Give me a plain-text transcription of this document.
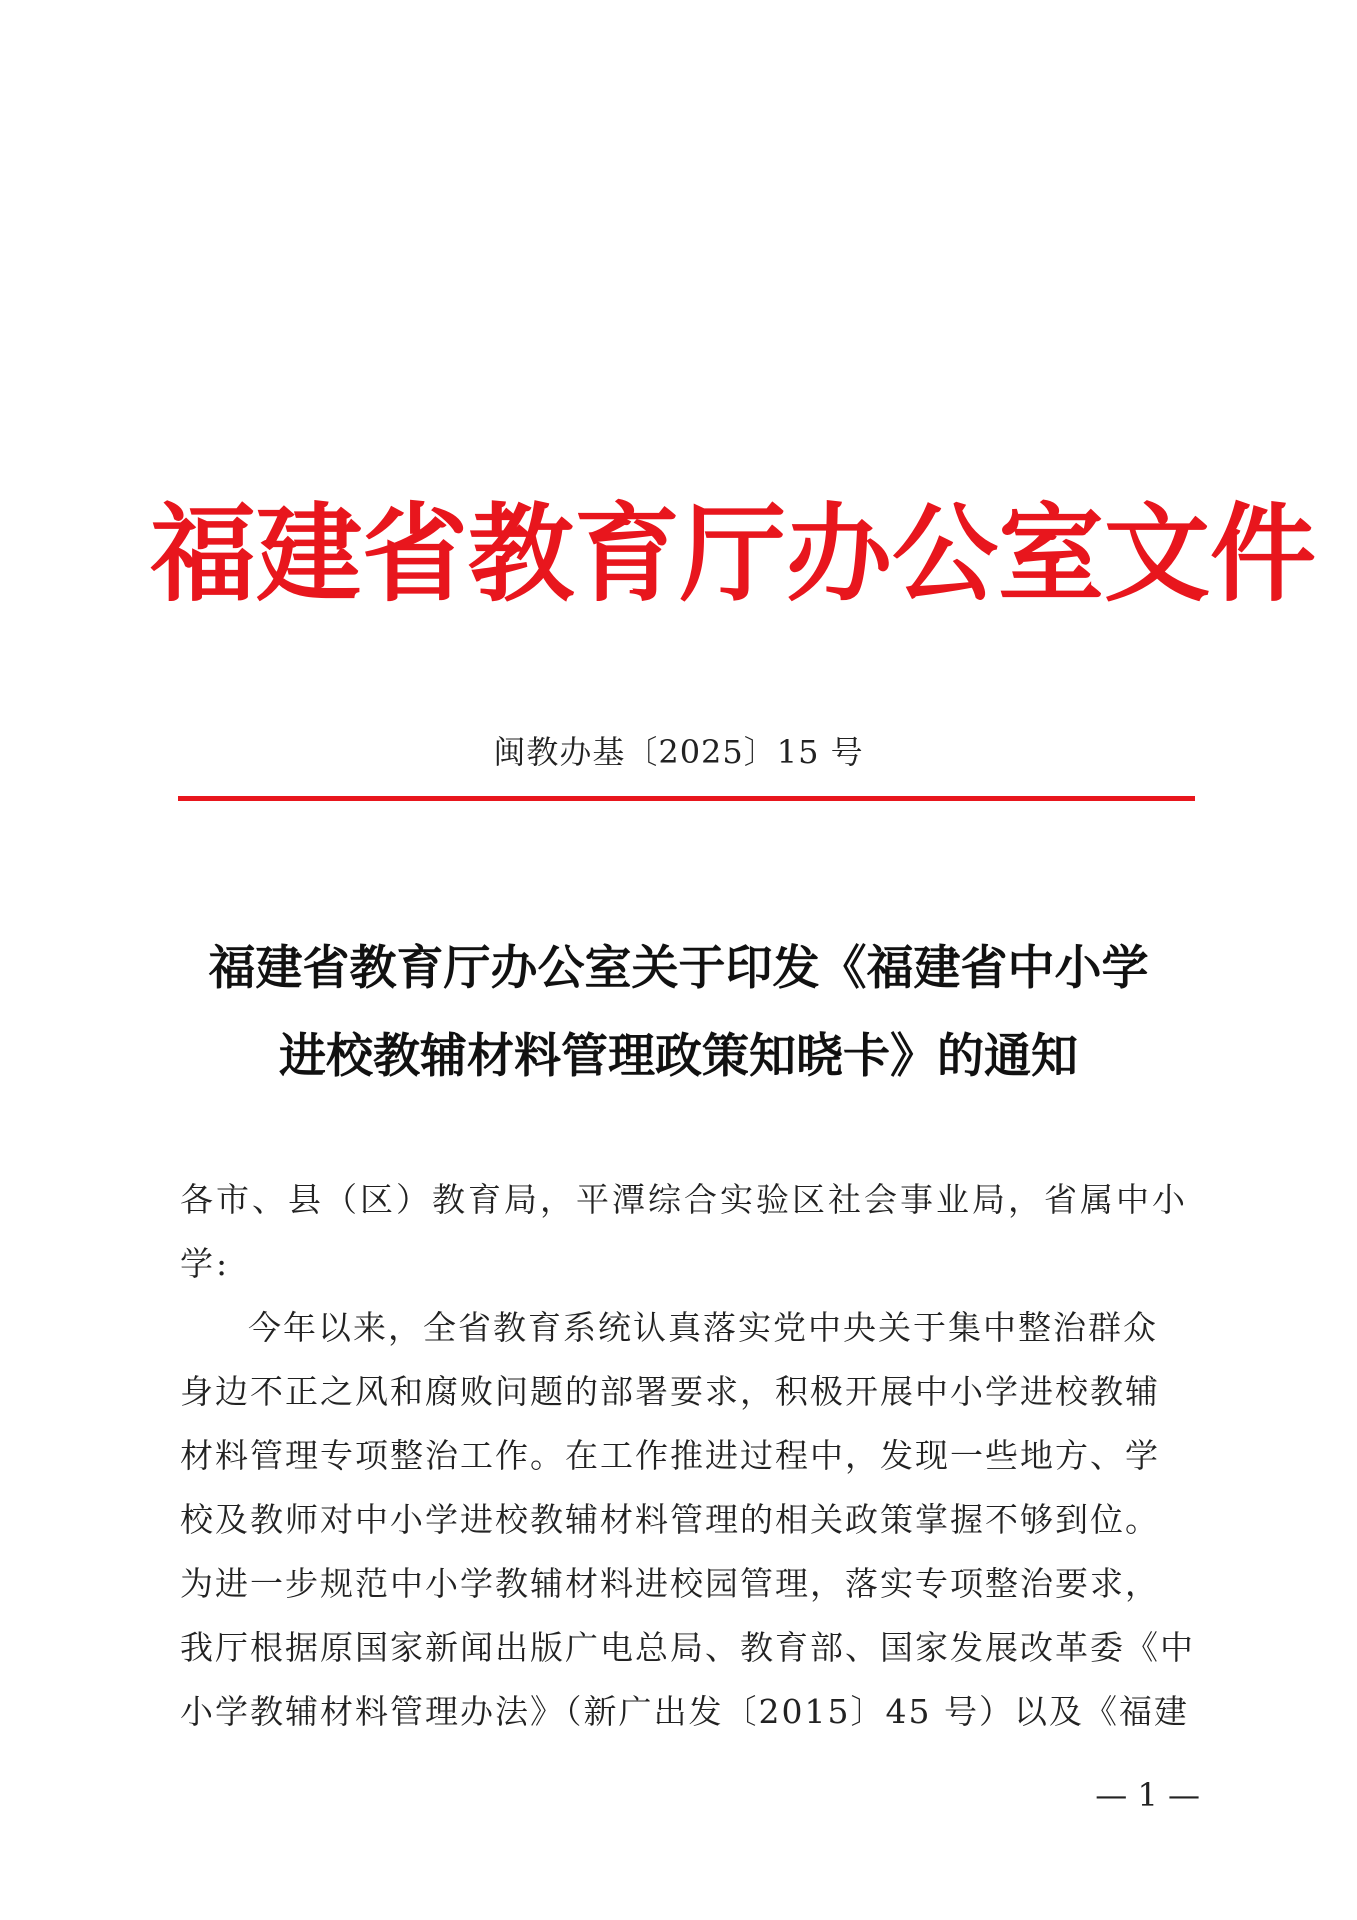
福建省教育厅办公室文件
闽教办基〔2025〕15 号
福建省教育厅办公室关于印发《福建省中小学
进校教辅材料管理政策知晓卡》的通知
各市、县（区）教育局，平潭综合实验区社会事业局，省属中小
学:
今年以来，全省教育系统认真落实党中央关于集中整治群众
身边不正之风和腐败问题的部署要求，积极开展中小学进校教辅
材料管理专项整治工作。在工作推进过程中，发现一些地方、学
校及教师对中小学进校教辅材料管理的相关政策掌握不够到位。
为进一步规范中小学教辅材料进校园管理，落实专项整治要求，
我厅根据原国家新闻出版广电总局、教育部、国家发展改革委《中
小学教辅材料管理办法》（新广出发〔2015〕45 号）以及《福建
— 1 —
